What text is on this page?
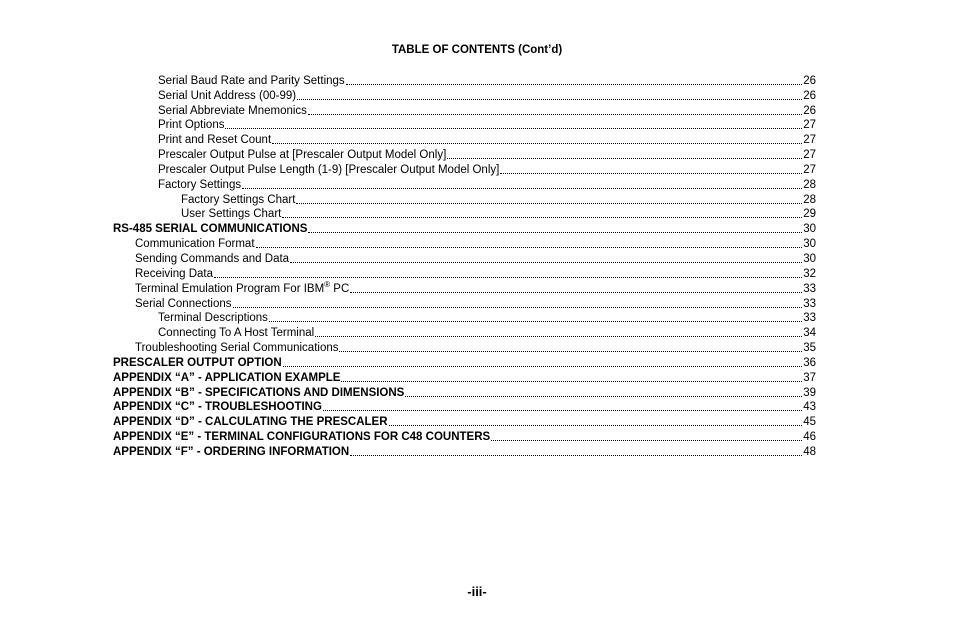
TABLE OF CONTENTS (Cont’d)
Serial Baud Rate and Parity Settings	26
Serial Unit Address (00-99)	26
Serial Abbreviate Mnemonics	26
Print Options	27
Print and Reset Count	27
Prescaler Output Pulse at [Prescaler Output Model Only]	27
Prescaler Output Pulse Length (1-9) [Prescaler Output Model Only]	27
Factory Settings	28
Factory Settings Chart	28
User Settings Chart	29
RS-485 SERIAL COMMUNICATIONS	30
Communication Format	30
Sending Commands and Data	30
Receiving Data	32
Terminal Emulation Program For IBM® PC	33
Serial Connections	33
Terminal Descriptions	33
Connecting To A Host Terminal	34
Troubleshooting Serial Communications	35
PRESCALER OUTPUT OPTION	36
APPENDIX “A” - APPLICATION EXAMPLE	37
APPENDIX “B” - SPECIFICATIONS AND DIMENSIONS	39
APPENDIX “C” - TROUBLESHOOTING	43
APPENDIX “D” - CALCULATING THE PRESCALER	45
APPENDIX “E” - TERMINAL CONFIGURATIONS FOR C48 COUNTERS	46
APPENDIX “F” - ORDERING INFORMATION	48
-iii-
